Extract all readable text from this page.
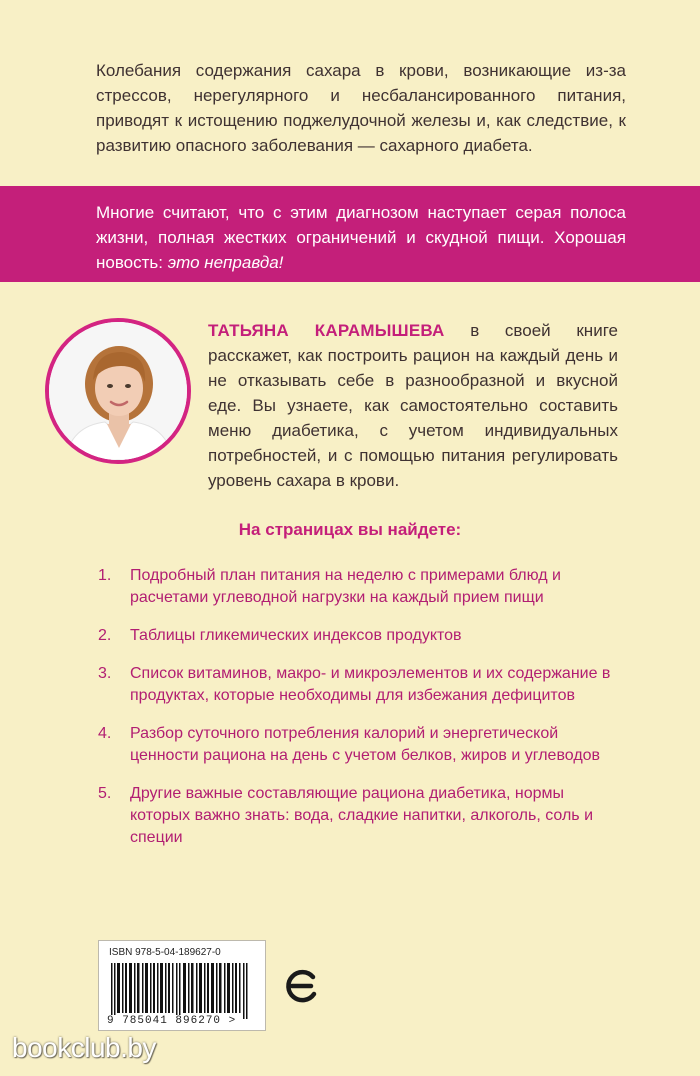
Колебания содержания сахара в крови, возникающие из-за стрессов, нерегулярного и несбалансированного питания, приводят к истощению поджелудочной железы и, как следствие, к развитию опасного заболевания — сахарного диабета.
Многие считают, что с этим диагнозом наступает серая полоса жизни, полная жестких ограничений и скудной пищи. Хорошая новость: это неправда!
ТАТЬЯНА КАРАМЫШЕВА в своей книге расскажет, как построить рацион на каждый день и не отказывать себе в разнообразной и вкусной еде. Вы узнаете, как самостоятельно составить меню диабетика, с учетом индивидуальных потребностей, и с помощью питания регулировать уровень сахара в крови.
На страницах вы найдете:
1. Подробный план питания на неделю с примерами блюд и расчетами углеводной нагрузки на каждый прием пищи
2. Таблицы гликемических индексов продуктов
3. Список витаминов, макро- и микроэлементов и их содержание в продуктах, которые необходимы для избежания дефицитов
4. Разбор суточного потребления калорий и энергетической ценности рациона на день с учетом белков, жиров и углеводов
5. Другие важные составляющие рациона диабетика, нормы которых важно знать: вода, сладкие напитки, алкоголь, соль и специи
ISBN 978-5-04-189627-0
9 785041 896270 >
bookclub.by
